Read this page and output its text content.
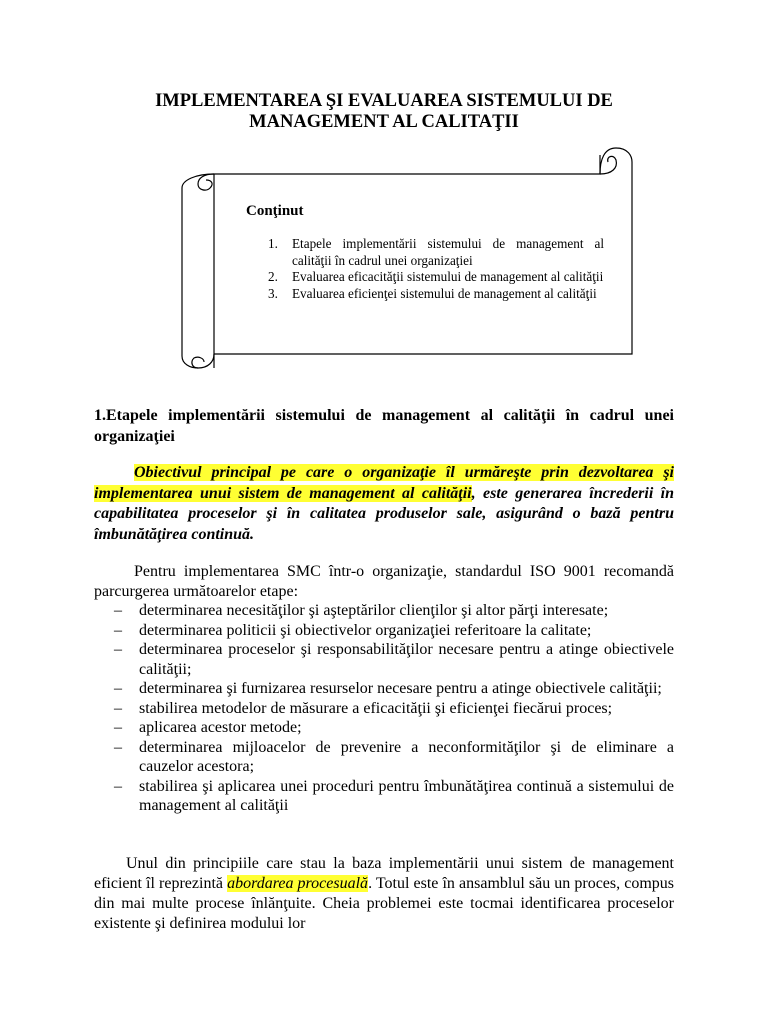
IMPLEMENTAREA ŞI EVALUAREA SISTEMULUI DE
MANAGEMENT AL CALITAŢII
Conţinut
1. Etapele implementării sistemului de management al calităţii în cadrul unei organizaţiei
2. Evaluarea eficacităţii sistemului de management al calităţii
3. Evaluarea eficienţei sistemului de management al calităţii
1.Etapele implementării sistemului de management al calităţii în cadrul unei organizaţiei

   Obiectivul principal pe care o organizaţie îl urmăreşte prin dezvoltarea şi implementarea unui sistem de management al calităţii, este generarea încrederii în capabilitatea proceselor şi în calitatea produselor sale, asigurând o bază pentru îmbunătăţirea continuă.

   Pentru implementarea SMC într-o organizaţie, standardul ISO 9001 recomandă parcurgerea următoarelor etape:

– determinarea necesităţilor şi aşteptărilor clienţilor şi altor părţi interesate;
– determinarea politicii şi obiectivelor organizaţiei referitoare la calitate;
– determinarea proceselor şi responsabilităţilor necesare pentru a atinge obiectivele calităţii;
– determinarea şi furnizarea resurselor necesare pentru a atinge obiectivele calităţii;
– stabilirea metodelor de măsurare a eficacităţii şi eficienţei fiecărui proces;
– aplicarea acestor metode;
– determinarea mijloacelor de prevenire a neconformităţilor şi de eliminare a cauzelor acestora;
– stabilirea şi aplicarea unei proceduri pentru îmbunătăţirea continuă a sistemului de management al calităţii

  Unul din principiile care stau la baza implementării unui sistem de management eficient îl reprezintă abordarea procesuală. Totul este în ansamblul său un proces, compus din mai multe procese înlănţuite. Cheia problemei este tocmai identificarea proceselor existente şi definirea modului lor
